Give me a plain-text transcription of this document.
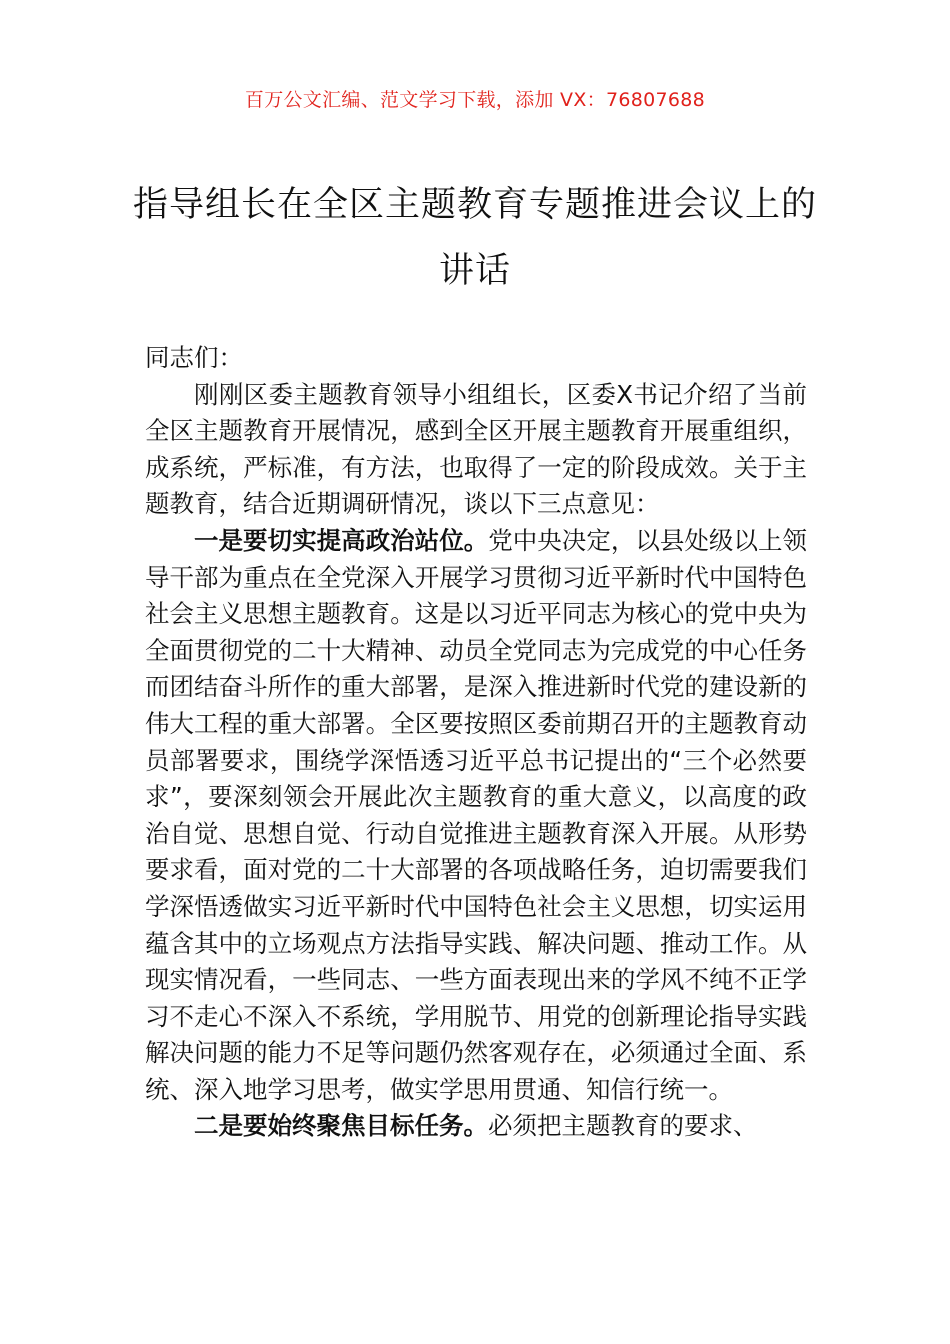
百万公文汇编、范文学习下载，添加 VX：76807688
指导组长在全区主题教育专题推进会议上的讲话

同志们：

刚刚区委主题教育领导小组组长，区委X书记介绍了当前全区主题教育开展情况，感到全区开展主题教育开展重组织，成系统，严标准，有方法，也取得了一定的阶段成效。关于主题教育，结合近期调研情况，谈以下三点意见：

一是要切实提高政治站位。党中央决定，以县处级以上领导干部为重点在全党深入开展学习贯彻习近平新时代中国特色社会主义思想主题教育。这是以习近平同志为核心的党中央为全面贯彻党的二十大精神、动员全党同志为完成党的中心任务而团结奋斗所作的重大部署，是深入推进新时代党的建设新的伟大工程的重大部署。全区要按照区委前期召开的主题教育动员部署要求，围绕学深悟透习近平总书记提出的“三个必然要求”，要深刻领会开展此次主题教育的重大意义，以高度的政治自觉、思想自觉、行动自觉推进主题教育深入开展。从形势要求看，面对党的二十大部署的各项战略任务，迫切需要我们学深悟透做实习近平新时代中国特色社会主义思想，切实运用蕴含其中的立场观点方法指导实践、解决问题、推动工作。从现实情况看，一些同志、一些方面表现出来的学风不纯不正学习不走心不深入不系统，学用脱节、用党的创新理论指导实践解决问题的能力不足等问题仍然客观存在，必须通过全面、系统、深入地学习思考，做实学思用贯通、知信行统一。

二是要始终聚焦目标任务。必须把主题教育的要求、
